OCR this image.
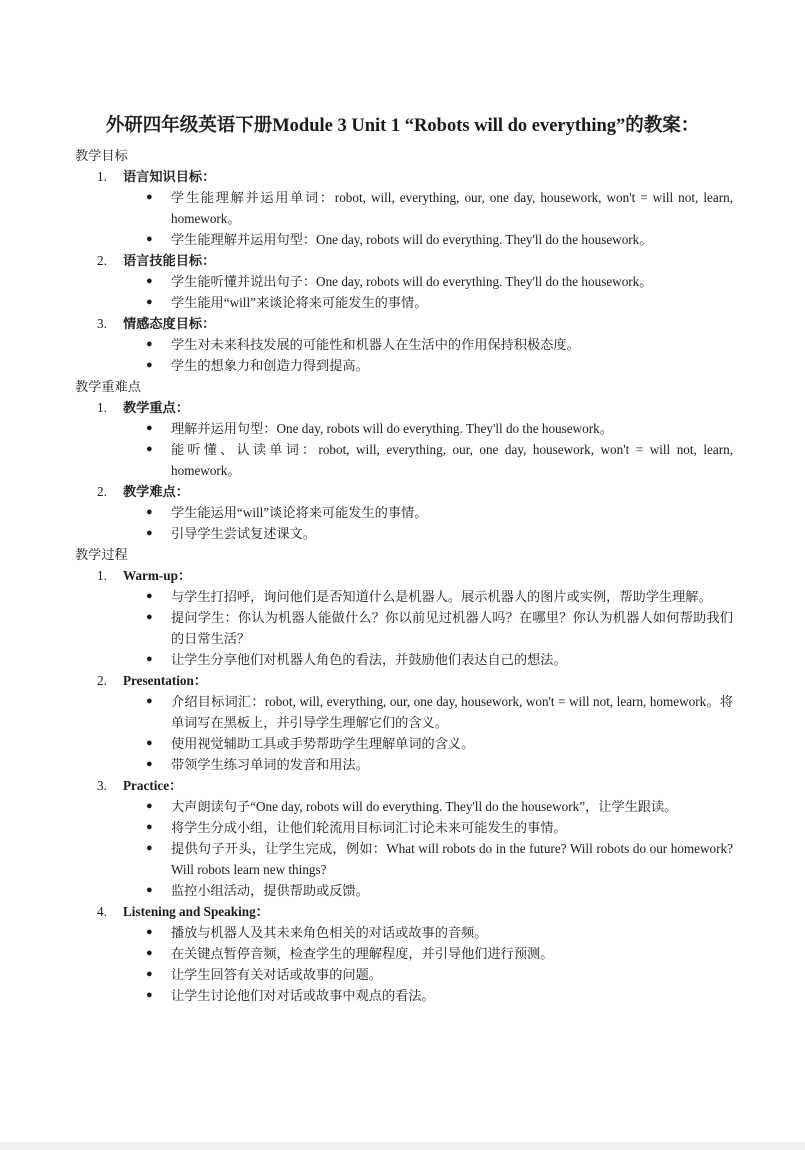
外研四年级英语下册Module 3 Unit 1 “Robots will do everything”的教案：
教学目标
1. 语言知识目标：
● 学生能理解并运用单词：robot, will, everything, our, one day, housework, won't = will not, learn, homework。
● 学生能理解并运用句型：One day, robots will do everything. They'll do the housework。
2. 语言技能目标：
● 学生能听懂并说出句子：One day, robots will do everything. They'll do the housework。
● 学生能用“will”来谈论将来可能发生的事情。
3. 情感态度目标：
● 学生对未来科技发展的可能性和机器人在生活中的作用保持积极态度。
● 学生的想象力和创造力得到提高。
教学重难点
1. 教学重点：
● 理解并运用句型：One day, robots will do everything. They'll do the housework。
● 能听懂、认读单词：robot, will, everything, our, one day, housework, won't = will not, learn, homework。
2. 教学难点：
● 学生能运用“will”谈论将来可能发生的事情。
● 引导学生尝试复述课文。
教学过程
1. Warm-up：
● 与学生打招呼，询问他们是否知道什么是机器人。展示机器人的图片或实例，帮助学生理解。
● 提问学生：你认为机器人能做什么？你以前见过机器人吗？在哪里？你认为机器人如何帮助我们的日常生活？
● 让学生分享他们对机器人角色的看法，并鼓励他们表达自己的想法。
2. Presentation：
● 介绍目标词汇：robot, will, everything, our, one day, housework, won't = will not, learn, homework。将单词写在黑板上，并引导学生理解它们的含义。
● 使用视觉辅助工具或手势帮助学生理解单词的含义。
● 带领学生练习单词的发音和用法。
3. Practice：
● 大声朗读句子“One day, robots will do everything. They'll do the housework”，让学生跟读。
● 将学生分成小组，让他们轮流用目标词汇讨论未来可能发生的事情。
● 提供句子开头，让学生完成，例如：What will robots do in the future? Will robots do our homework? Will robots learn new things?
● 监控小组活动，提供帮助或反馈。
4. Listening and Speaking：
● 播放与机器人及其未来角色相关的对话或故事的音频。
● 在关键点暂停音频，检查学生的理解程度，并引导他们进行预测。
● 让学生回答有关对话或故事的问题。
● 让学生讨论他们对对话或故事中观点的看法。
